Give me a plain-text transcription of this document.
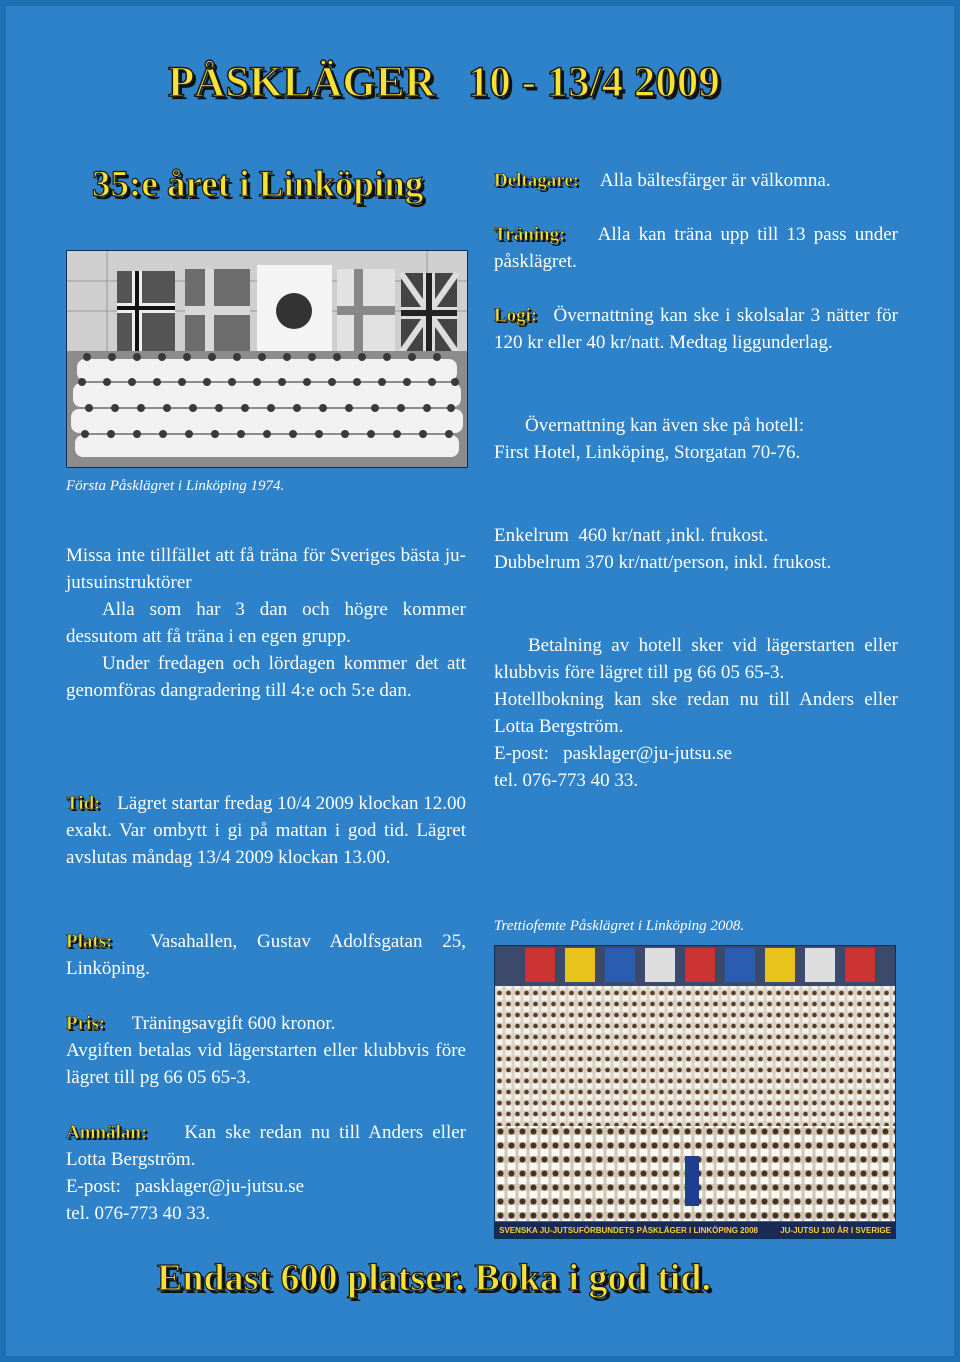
PÅSKLÄGER   10 - 13/4 2009
35:e året i Linköping
Första Påsklägret i Linköping 1974.

Missa inte tillfället att få träna för Sveriges bästa ju-jutsuinstruktörer

Alla som har 3 dan och högre kommer dessutom att få träna i en egen grupp.

Under fredagen och lördagen kommer det att genomföras dangradering till 4:e och 5:e dan.

Tid: Lägret startar fredag 10/4 2009 klockan 12.00 exakt. Var ombytt i gi på mattan i god tid. Lägret avslutas måndag 13/4 2009 klockan 13.00.
Plats: Vasahallen, Gustav Adolfsgatan 25, Linköping.

Pris: Träningsavgift 600 kronor.

Avgiften betalas vid lägerstarten eller klubbvis före lägret till pg 66 05 65-3.

Anmälan: Kan ske redan nu till Anders eller Lotta Bergström.

E-post:   pasklager@ju-jutsu.se

tel. 076-773 40 33.

Deltagare: Alla bältesfärger är välkomna.
Träning: Alla kan träna upp till 13 pass under påsklägret.
Logi: Övernattning kan ske i skolsalar 3 nätter för 120 kr eller 40 kr/natt. Medtag liggunderlag.

Övernattning kan även ske på hotell:

First Hotel, Linköping, Storgatan 70-76.

Enkelrum  460 kr/natt ,inkl. frukost.

Dubbelrum 370 kr/natt/person, inkl. frukost.

Betalning av hotell sker vid lägerstarten eller klubbvis före lägret till pg 66 05 65-3.

Hotellbokning kan ske redan nu till Anders eller Lotta Bergström.

E-post:   pasklager@ju-jutsu.se

tel. 076-773 40 33.

Trettiofemte Påsklägret i Linköping 2008.
SVENSKA JU-JUTSUFÖRBUNDETS PÅSKLÄGER I LINKÖPING 2008          JU-JUTSU 100 ÅR I SVERIGE
Endast 600 platser. Boka i god tid.
